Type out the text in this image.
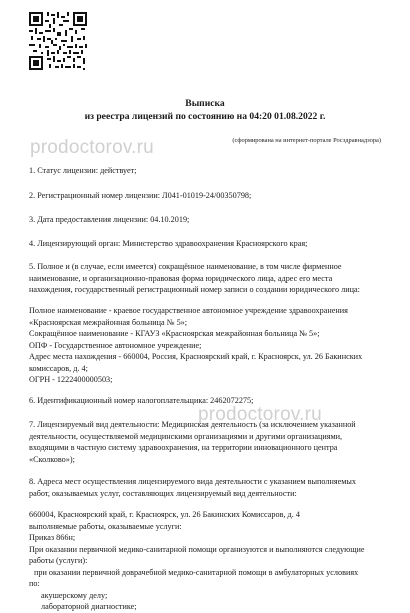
prodoctorov.ru
prodoctorov.ru
Выписка
из реестра лицензий по состоянию на 04:20 01.08.2022 г.
(сформирована на интернет-портале Росздравнадзора)
1. Статус лицензии: действует;
2. Регистрационный номер лицензии: Л041-01019-24/00350798;
3. Дата предоставления лицензии: 04.10.2019;
4. Лицензирующий орган: Министерство здравоохранения Красноярского края;
5. Полное и (в случае, если имеется) сокращённое наименование, в том числе фирменное
наименование, и организационно-правовая форма юридического лица, адрес его места
нахождения, государственный регистрационный номер записи о создании юридического лица:
Полное наименование - краевое государственное автономное учреждение здравоохранения
«Красноярская межрайонная больница № 5»;
Сокращённое наименование - КГАУЗ «Красноярская межрайонная больница № 5»;
ОПФ - Государственное автономное учреждение;
Адрес места нахождения - 660004, Россия, Красноярский край, г. Красноярск, ул. 26 Бакинских
комиссаров, д. 4;
ОГРН - 1222400000503;
6. Идентификационный номер налогоплательщика: 2462072275;
7. Лицензируемый вид деятельности: Медицинская деятельность (за исключением указанной
деятельности, осуществляемой медицинскими организациями и другими организациями,
входящими в частную систему здравоохранения, на территории инновационного центра
«Сколково»);
8. Адреса мест осуществления лицензируемого вида деятельности с указанием выполняемых
работ, оказываемых услуг, составляющих лицензируемый вид деятельности:
660004, Красноярский край, г. Красноярск, ул. 26 Бакинских Комиссаров, д. 4
выполняемые работы, оказываемые услуги:
Приказ 866н;
При оказании первичной медико-санитарной помощи организуются и выполняются следующие
работы (услуги):
при оказании первичной доврачебной медико-санитарной помощи в амбулаторных условиях
по:
акушерскому делу;
лабораторной диагностике;
